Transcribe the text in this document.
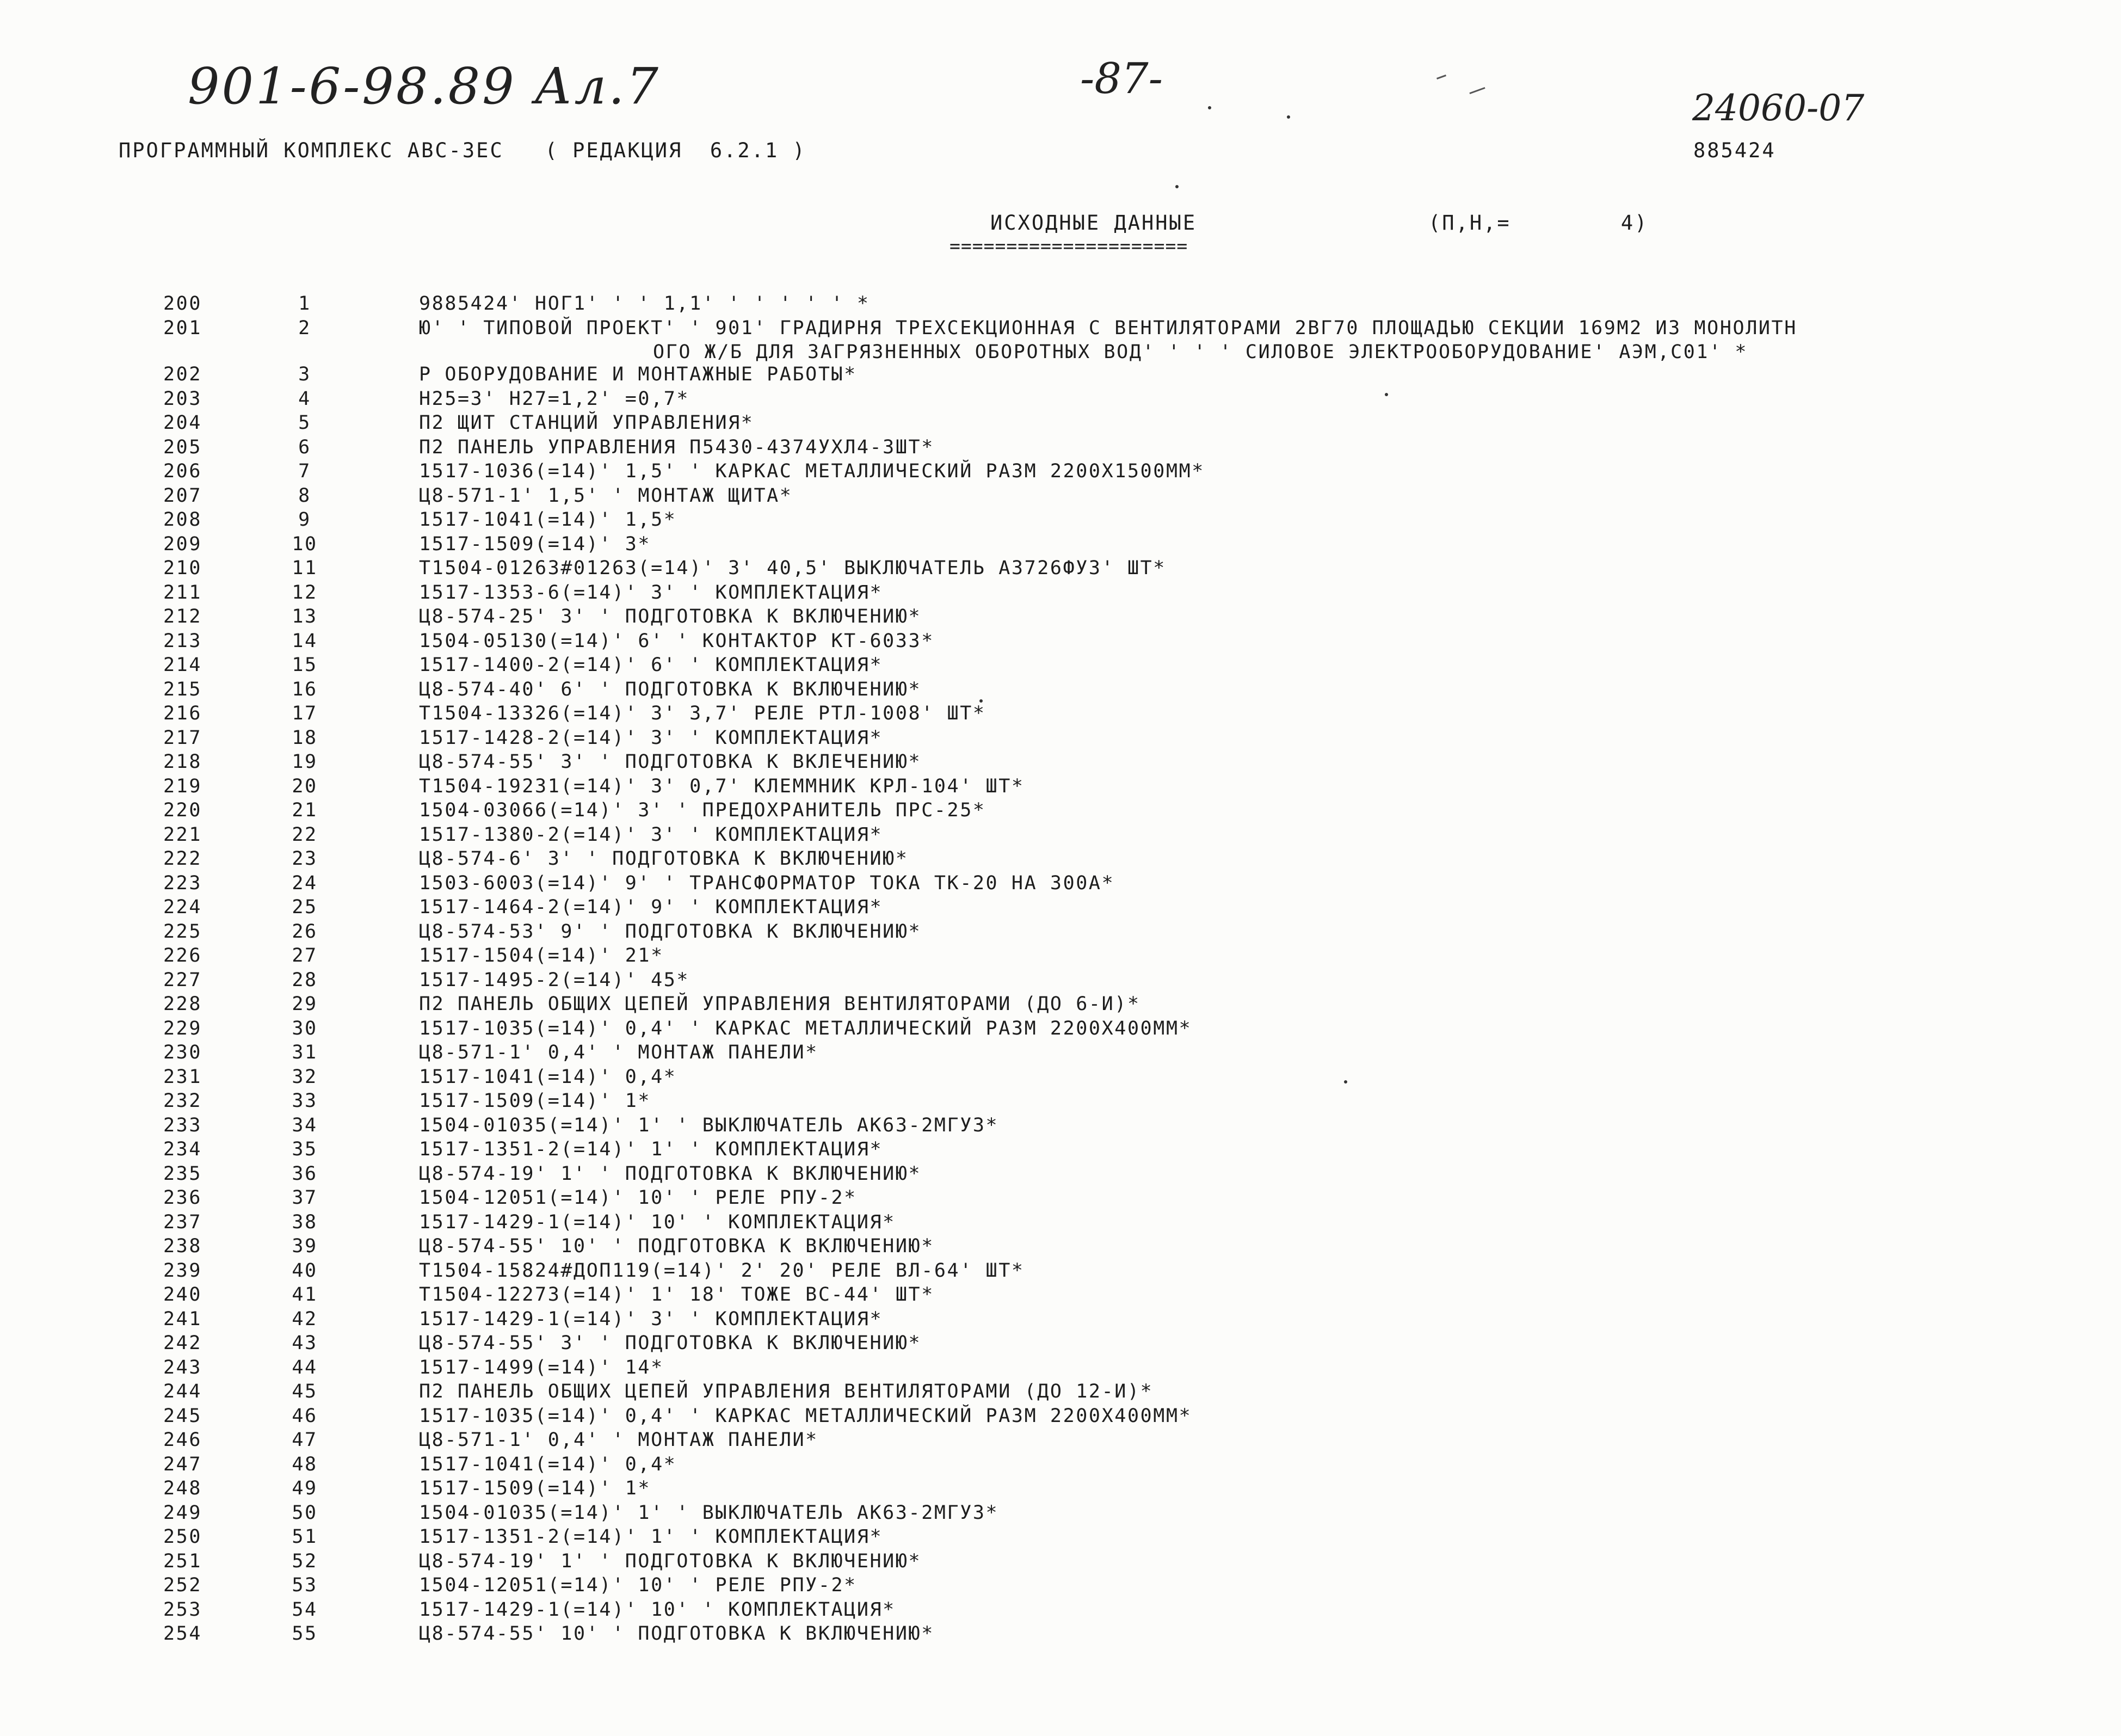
901-6-98.89 Ал.7	-87-
24060-07
ПРОГРАММНЫЙ КОМПЛЕКС АВС-3ЕС   ( РЕДАКЦИЯ  6.2.1 )	885424
ИСХОДНЫЕ ДАННЫЕ
=====================
(П,Н,=        4)
200	1	9885424' НОГ1' ' ' 1,1' ' ' ' ' ' *
201	2	Ю' ' ТИПОВОЙ ПРОЕКТ' ' 901' ГРАДИРНЯ ТРЕХСЕКЦИОННАЯ С ВЕНТИЛЯТОРАМИ 2ВГ70 ПЛОЩАДЬЮ СЕКЦИИ 169М2 ИЗ МОНОЛИТН
ОГО Ж/Б ДЛЯ ЗАГРЯЗНЕННЫХ ОБОРОТНЫХ ВОД' ' ' ' СИЛОВОЕ ЭЛЕКТРООБОРУДОВАНИЕ' АЭМ,С01' *
202	3	Р ОБОРУДОВАНИЕ И МОНТАЖНЫЕ РАБОТЫ*
203	4	Н25=3' Н27=1,2' =0,7*
204	5	П2 ЩИТ СТАНЦИЙ УПРАВЛЕНИЯ*
205	6	П2 ПАНЕЛЬ УПРАВЛЕНИЯ П5430-4374УХЛ4-3ШТ*
206	7	1517-1036(=14)' 1,5' ' КАРКАС МЕТАЛЛИЧЕСКИЙ РАЗМ 2200Х1500ММ*
207	8	Ц8-571-1' 1,5' ' МОНТАЖ ЩИТА*
208	9	1517-1041(=14)' 1,5*
209	10	1517-1509(=14)' 3*
210	11	Т1504-01263#01263(=14)' 3' 40,5' ВЫКЛЮЧАТЕЛЬ А3726ФУ3' ШТ*
211	12	1517-1353-6(=14)' 3' ' КОМПЛЕКТАЦИЯ*
212	13	Ц8-574-25' 3' ' ПОДГОТОВКА К ВКЛЮЧЕНИЮ*
213	14	1504-05130(=14)' 6' ' КОНТАКТОР КТ-6033*
214	15	1517-1400-2(=14)' 6' ' КОМПЛЕКТАЦИЯ*
215	16	Ц8-574-40' 6' ' ПОДГОТОВКА К ВКЛЮЧЕНИЮ*
216	17	Т1504-13326(=14)' 3' 3,7' РЕЛЕ РТЛ-1008' ШТ*
217	18	1517-1428-2(=14)' 3' ' КОМПЛЕКТАЦИЯ*
218	19	Ц8-574-55' 3' ' ПОДГОТОВКА К ВКЛЕЧЕНИЮ*
219	20	Т1504-19231(=14)' 3' 0,7' КЛЕММНИК КРЛ-104' ШТ*
220	21	1504-03066(=14)' 3' ' ПРЕДОХРАНИТЕЛЬ ПРС-25*
221	22	1517-1380-2(=14)' 3' ' КОМПЛЕКТАЦИЯ*
222	23	Ц8-574-6' 3' ' ПОДГОТОВКА К ВКЛЮЧЕНИЮ*
223	24	1503-6003(=14)' 9' ' ТРАНСФОРМАТОР ТОКА ТК-20 НА 300А*
224	25	1517-1464-2(=14)' 9' ' КОМПЛЕКТАЦИЯ*
225	26	Ц8-574-53' 9' ' ПОДГОТОВКА К ВКЛЮЧЕНИЮ*
226	27	1517-1504(=14)' 21*
227	28	1517-1495-2(=14)' 45*
228	29	П2 ПАНЕЛЬ ОБЩИХ ЦЕПЕЙ УПРАВЛЕНИЯ ВЕНТИЛЯТОРАМИ (ДО 6-И)*
229	30	1517-1035(=14)' 0,4' ' КАРКАС МЕТАЛЛИЧЕСКИЙ РАЗМ 2200Х400ММ*
230	31	Ц8-571-1' 0,4' ' МОНТАЖ ПАНЕЛИ*
231	32	1517-1041(=14)' 0,4*
232	33	1517-1509(=14)' 1*
233	34	1504-01035(=14)' 1' ' ВЫКЛЮЧАТЕЛЬ АК63-2МГУ3*
234	35	1517-1351-2(=14)' 1' ' КОМПЛЕКТАЦИЯ*
235	36	Ц8-574-19' 1' ' ПОДГОТОВКА К ВКЛЮЧЕНИЮ*
236	37	1504-12051(=14)' 10' ' РЕЛЕ РПУ-2*
237	38	1517-1429-1(=14)' 10' ' КОМПЛЕКТАЦИЯ*
238	39	Ц8-574-55' 10' ' ПОДГОТОВКА К ВКЛЮЧЕНИЮ*
239	40	Т1504-15824#ДОП119(=14)' 2' 20' РЕЛЕ ВЛ-64' ШТ*
240	41	Т1504-12273(=14)' 1' 18' ТОЖЕ ВС-44' ШТ*
241	42	1517-1429-1(=14)' 3' ' КОМПЛЕКТАЦИЯ*
242	43	Ц8-574-55' 3' ' ПОДГОТОВКА К ВКЛЮЧЕНИЮ*
243	44	1517-1499(=14)' 14*
244	45	П2 ПАНЕЛЬ ОБЩИХ ЦЕПЕЙ УПРАВЛЕНИЯ ВЕНТИЛЯТОРАМИ (ДО 12-И)*
245	46	1517-1035(=14)' 0,4' ' КАРКАС МЕТАЛЛИЧЕСКИЙ РАЗМ 2200Х400ММ*
246	47	Ц8-571-1' 0,4' ' МОНТАЖ ПАНЕЛИ*
247	48	1517-1041(=14)' 0,4*
248	49	1517-1509(=14)' 1*
249	50	1504-01035(=14)' 1' ' ВЫКЛЮЧАТЕЛЬ АК63-2МГУ3*
250	51	1517-1351-2(=14)' 1' ' КОМПЛЕКТАЦИЯ*
251	52	Ц8-574-19' 1' ' ПОДГОТОВКА К ВКЛЮЧЕНИЮ*
252	53	1504-12051(=14)' 10' ' РЕЛЕ РПУ-2*
253	54	1517-1429-1(=14)' 10' ' КОМПЛЕКТАЦИЯ*
254	55	Ц8-574-55' 10' ' ПОДГОТОВКА К ВКЛЮЧЕНИЮ*
